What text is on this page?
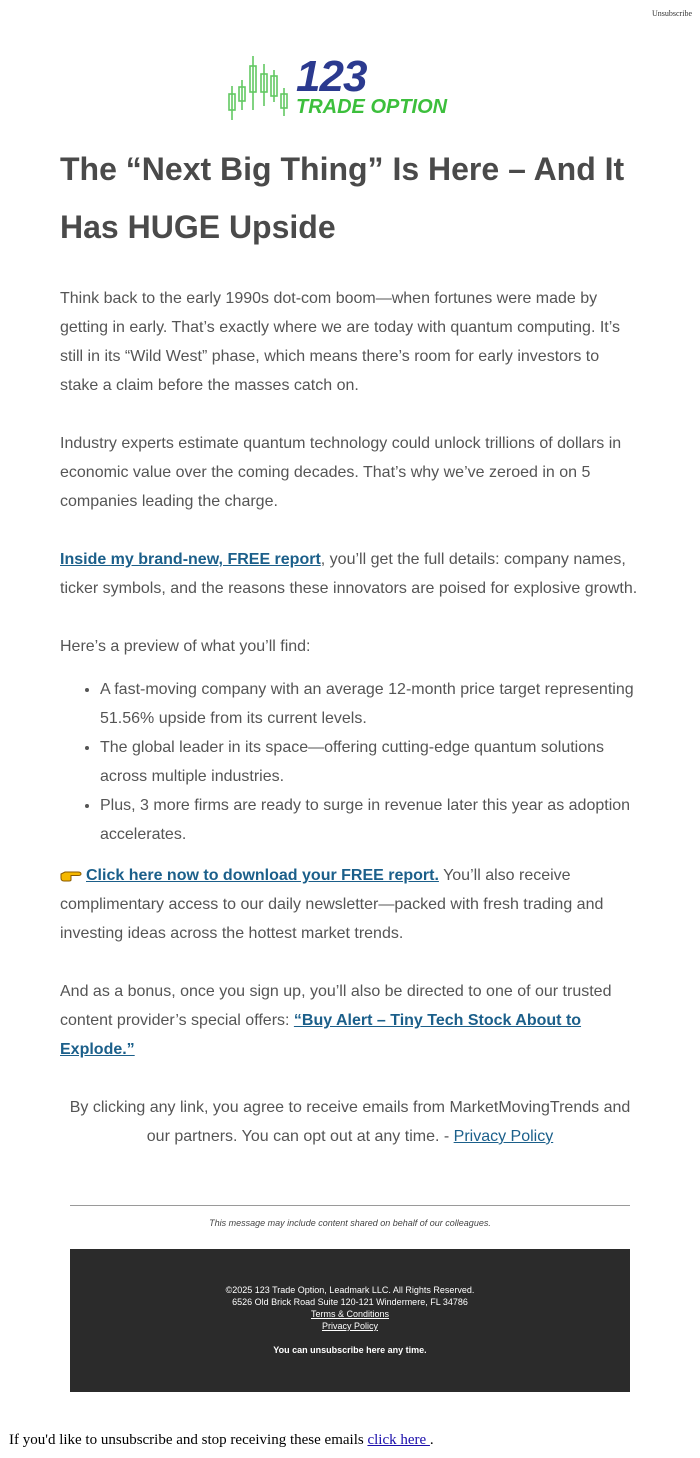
Unsubscribe
123
TRADE OPTION
The “Next Big Thing” Is Here – And It Has HUGE Upside

Think back to the early 1990s dot-com boom—when fortunes were made by getting in early. That’s exactly where we are today with quantum computing. It’s still in its “Wild West” phase, which means there’s room for early investors to stake a claim before the masses catch on.

Industry experts estimate quantum technology could unlock trillions of dollars in economic value over the coming decades. That’s why we’ve zeroed in on 5 companies leading the charge.

Inside my brand-new, FREE report, you’ll get the full details: company names, ticker symbols, and the reasons these innovators are poised for explosive growth.

Here’s a preview of what you’ll find:

• A fast-moving company with an average 12-month price target representing 51.56% upside from its current levels.
• The global leader in its space—offering cutting-edge quantum solutions across multiple industries.
• Plus, 3 more firms are ready to surge in revenue later this year as adoption accelerates.

Click here now to download your FREE report. You’ll also receive complimentary access to our daily newsletter—packed with fresh trading and investing ideas across the hottest market trends.

And as a bonus, once you sign up, you’ll also be directed to one of our trusted content provider’s special offers: “Buy Alert – Tiny Tech Stock About to Explode.”

By clicking any link, you agree to receive emails from MarketMovingTrends and our partners. You can opt out at any time. - Privacy Policy

This message may include content shared on behalf of our colleagues.
©2025 123 Trade Option, Leadmark LLC. All Rights Reserved.
6526 Old Brick Road Suite 120-121 Windermere, FL 34786
Terms & Conditions
Privacy Policy
You can unsubscribe here any time.
If you'd like to unsubscribe and stop receiving these emails click here .
